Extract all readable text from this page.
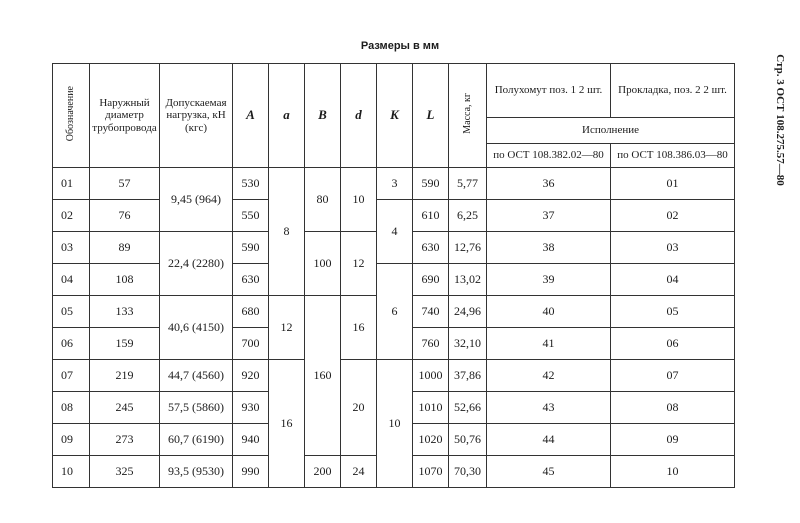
Размеры в мм
Стр. 3 ОСТ 108.275.57—80
Обозначение	Наружный диаметр трубопровода	Допускаемая нагрузка, кН (кгс)	A	a	B	d	K	L	Масса, кг	Полухомут поз. 1 2 шт.	Прокладка, поз. 2 2 шт.
										Исполнение	
										по ОСТ 108.382.02—80	по ОСТ 108.386.03—80
01	57	9,45 (964)	530	8	80	10	3	590	5,77	36	01
02	76		550				4	610	6,25	37	02
03	89	22,4 (2280)	590		100	12		630	12,76	38	03
04	108		630				6	690	13,02	39	04
05	133	40,6 (4150)	680	12	160	16		740	24,96	40	05
06	159		700					760	32,10	41	06
07	219	44,7 (4560)	920	16		20	10	1000	37,86	42	07
08	245	57,5 (5860)	930					1010	52,66	43	08
09	273	60,7 (6190)	940					1020	50,76	44	09
10	325	93,5 (9530)	990		200	24		1070	70,30	45	10
